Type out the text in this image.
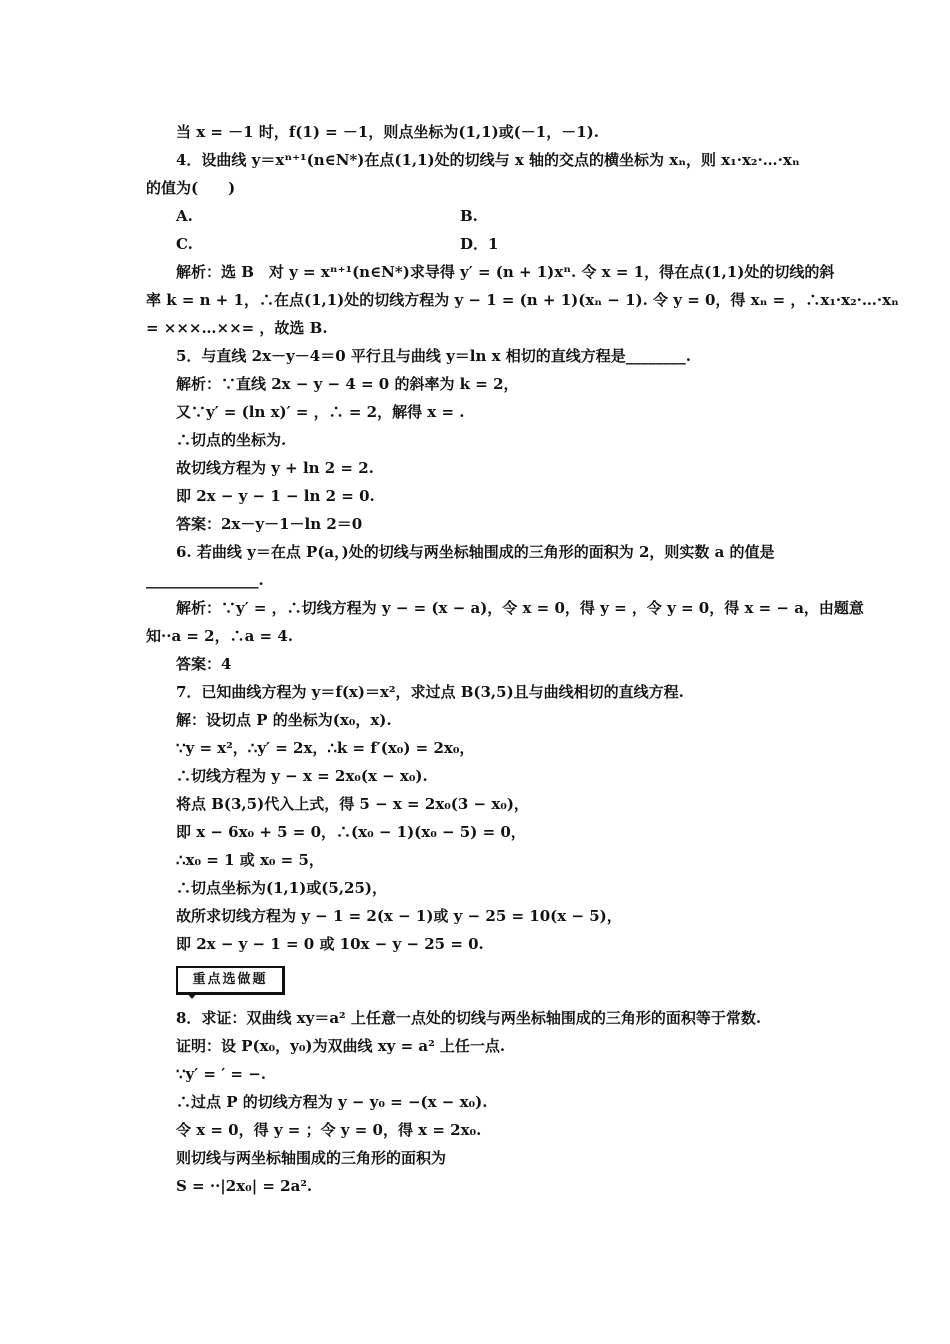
当 x = －1 时，f(1) = －1，则点坐标为(1,1)或(－1，－1).
4．设曲线 y＝xⁿ⁺¹(n∈N*)在点(1,1)处的切线与 x 轴的交点的横坐标为 xₙ，则 x₁·x₂·…·xₙ
的值为(　　)
A.	B.
C.	D．1
解析：选 B　对 y = xⁿ⁺¹(n∈N*)求导得 y′ = (n + 1)xⁿ. 令 x = 1，得在点(1,1)处的切线的斜
率 k = n + 1，∴在点(1,1)处的切线方程为 y − 1 = (n + 1)(xₙ − 1). 令 y = 0，得 xₙ = ，∴x₁·x₂·…·xₙ
= ×××…××= ，故选 B.
5．与直线 2x－y－4＝0 平行且与曲线 y＝ln x 相切的直线方程是________.
解析：∵直线 2x − y − 4 = 0 的斜率为 k = 2，
又∵y′ = (ln x)′ = ，∴ = 2，解得 x = .
∴切点的坐标为.
故切线方程为 y + ln 2 = 2.
即 2x − y − 1 − ln 2 = 0.
答案：2x－y－1－ln 2＝0
6. 若曲线 y＝在点 P(a，)处的切线与两坐标轴围成的三角形的面积为 2，则实数 a 的值是
_______________.
解析：∵y′ = ，∴切线方程为 y − = (x − a)，令 x = 0，得 y = ，令 y = 0，得 x = − a，由题意
知··a = 2，∴a = 4.
答案：4
7．已知曲线方程为 y＝f(x)＝x²，求过点 B(3,5)且与曲线相切的直线方程.
解：设切点 P 的坐标为(x₀，x).
∵y = x²，∴y′ = 2x，∴k = f′(x₀) = 2x₀，
∴切线方程为 y − x = 2x₀(x − x₀).
将点 B(3,5)代入上式，得 5 − x = 2x₀(3 − x₀)，
即 x − 6x₀ + 5 = 0，∴(x₀ − 1)(x₀ − 5) = 0，
∴x₀ = 1 或 x₀ = 5，
∴切点坐标为(1,1)或(5,25)，
故所求切线方程为 y − 1 = 2(x − 1)或 y − 25 = 10(x − 5)，
即 2x − y − 1 = 0 或 10x − y − 25 = 0.
重点选做题
8．求证：双曲线 xy＝a² 上任意一点处的切线与两坐标轴围成的三角形的面积等于常数.
证明：设 P(x₀，y₀)为双曲线 xy = a² 上任一点.
∵y′ = ′ = −.
∴过点 P 的切线方程为 y − y₀ = −(x − x₀).
令 x = 0，得 y = ；令 y = 0，得 x = 2x₀.
则切线与两坐标轴围成的三角形的面积为
S = ··|2x₀| = 2a².
